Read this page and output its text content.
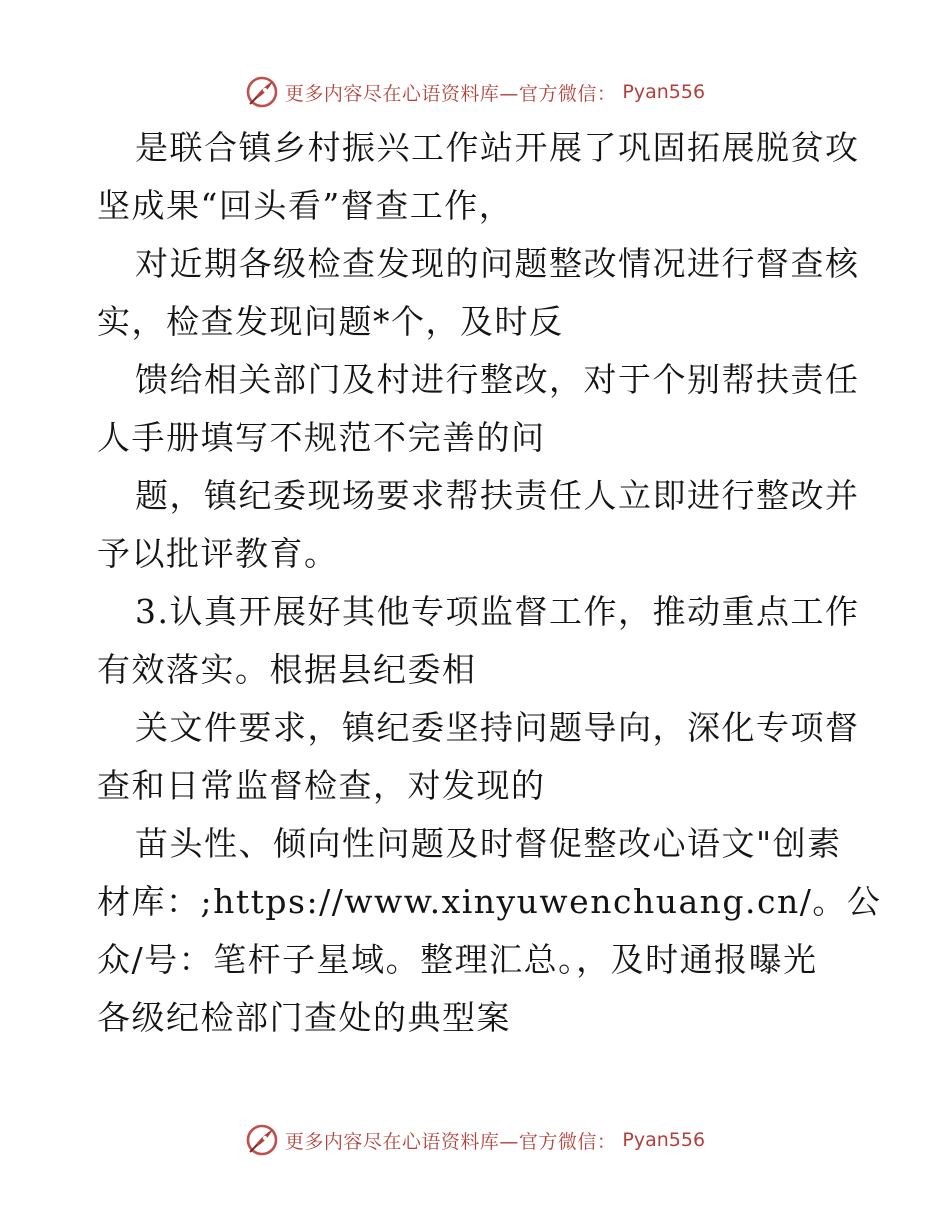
更多内容尽在心语资料库—官方微信： Pyan556
是联合镇乡村振兴工作站开展了巩固拓展脱贫攻
坚成果“回头看”督查工作，
对近期各级检查发现的问题整改情况进行督查核
实，检查发现问题*个，及时反
馈给相关部门及村进行整改，对于个别帮扶责任
人手册填写不规范不完善的问
题，镇纪委现场要求帮扶责任人立即进行整改并
予以批评教育。
3.认真开展好其他专项监督工作，推动重点工作
有效落实。根据县纪委相
关文件要求，镇纪委坚持问题导向，深化专项督
查和日常监督检查，对发现的
苗头性、倾向性问题及时督促整改心语文"创素
材库：;https://www.xinyuwenchuang.cn/。公
众/号：笔杆子星域。整理汇总。，及时通报曝光
各级纪检部门查处的典型案
更多内容尽在心语资料库—官方微信： Pyan556
